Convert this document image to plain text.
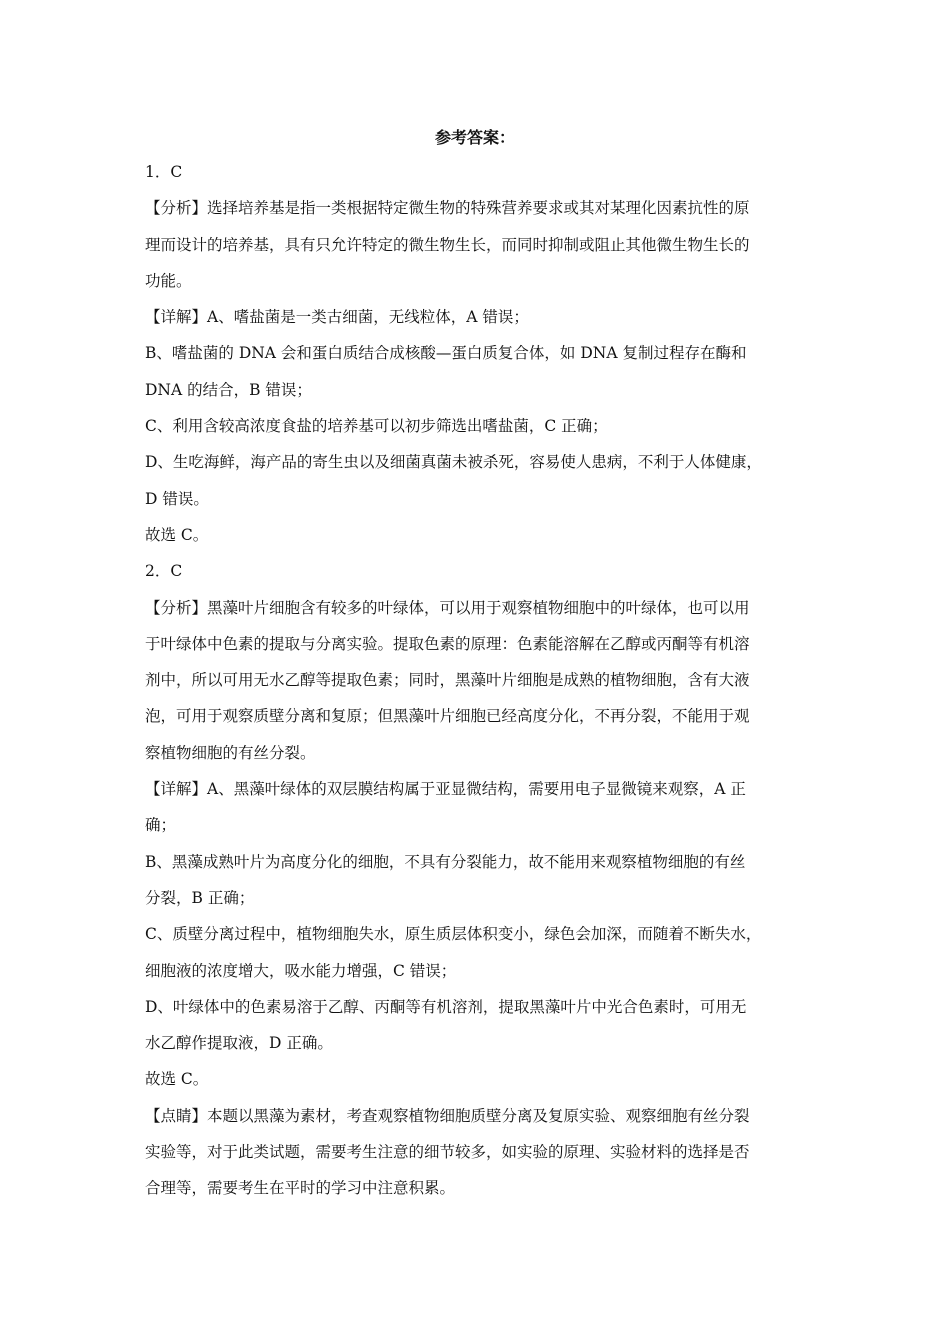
参考答案：
1．C
【分析】选择培养基是指一类根据特定微生物的特殊营养要求或其对某理化因素抗性的原
理而设计的培养基，具有只允许特定的微生物生长，而同时抑制或阻止其他微生物生长的
功能。
【详解】A、嗜盐菌是一类古细菌，无线粒体，A 错误；
B、嗜盐菌的 DNA 会和蛋白质结合成核酸—蛋白质复合体，如 DNA 复制过程存在酶和
DNA 的结合，B 错误；
C、利用含较高浓度食盐的培养基可以初步筛选出嗜盐菌，C 正确；
D、生吃海鲜，海产品的寄生虫以及细菌真菌未被杀死，容易使人患病，不利于人体健康，
D 错误。
故选 C。
2．C
【分析】黑藻叶片细胞含有较多的叶绿体，可以用于观察植物细胞中的叶绿体，也可以用
于叶绿体中色素的提取与分离实验。提取色素的原理：色素能溶解在乙醇或丙酮等有机溶
剂中，所以可用无水乙醇等提取色素；同时，黑藻叶片细胞是成熟的植物细胞，含有大液
泡，可用于观察质壁分离和复原；但黑藻叶片细胞已经高度分化，不再分裂，不能用于观
察植物细胞的有丝分裂。
【详解】A、黑藻叶绿体的双层膜结构属于亚显微结构，需要用电子显微镜来观察，A 正
确；
B、黑藻成熟叶片为高度分化的细胞，不具有分裂能力，故不能用来观察植物细胞的有丝
分裂，B 正确；
C、质壁分离过程中，植物细胞失水，原生质层体积变小，绿色会加深，而随着不断失水，
细胞液的浓度增大，吸水能力增强，C 错误；
D、叶绿体中的色素易溶于乙醇、丙酮等有机溶剂，提取黑藻叶片中光合色素时，可用无
水乙醇作提取液，D 正确。
故选 C。
【点睛】本题以黑藻为素材，考查观察植物细胞质壁分离及复原实验、观察细胞有丝分裂
实验等，对于此类试题，需要考生注意的细节较多，如实验的原理、实验材料的选择是否
合理等，需要考生在平时的学习中注意积累。
